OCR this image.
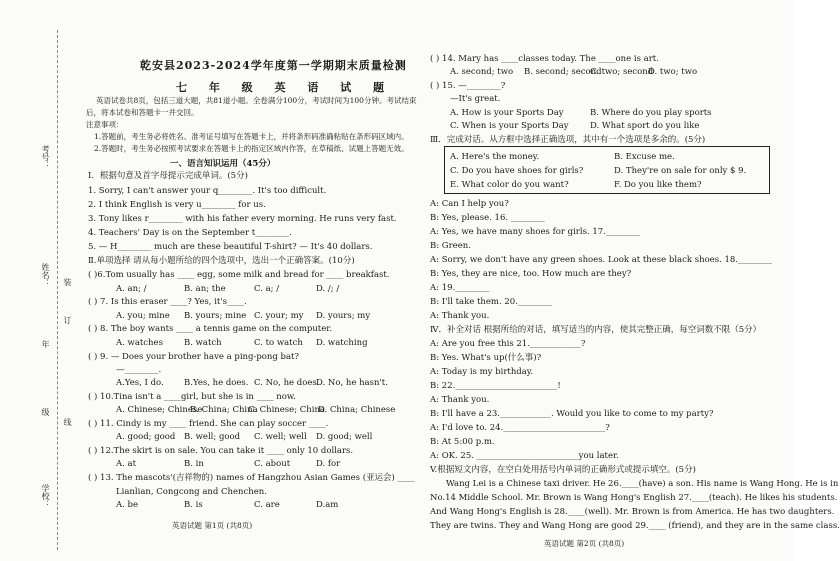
考号：
姓名： 装
订
线
年
级
学校：
乾安县2023-2024学年度第一学期期末质量检测
七 年 级 英 语 试 题
英语试卷共8页，包括三道大题，共81道小题。全卷满分100分，考试时间为100分钟。考试结束
后，将本试卷和答题卡一并交回。
注意事项：
1.答题前，考生务必将姓名、准考证号填写在答题卡上，并将条形码准确粘贴在条形码区域内。
2.答题时，考生务必按照考试要求在答题卡上的指定区域内作答，在草稿纸、试题上答题无效。
一、语言知识运用（45分）
Ⅰ．根据句意及首字母提示完成单词。(5分)
1. Sorry, I can't answer your q________. It's too difficult.
2. I think English is very u________ for us.
3. Tony likes r________ with his father every morning. He runs very fast.
4. Teachers' Day is on the September t________.
5. — H________ much are these beautiful T-shirt? — It's 40 dollars.
Ⅱ.单项选择 请从每小题所给的四个选项中，选出一个正确答案。(10分)
( )6.Tom usually has ____ egg, some milk and bread for ____ breakfast.
A. an; /	B. an; the	C. a; /	D. /; /
( ) 7. Is this eraser ____? Yes, it's____.
A. you; mine B. yours; mine C. your; my D. yours; my
( ) 8. The boy wants ____ a tennis game on the computer.
A. watches B. watch	C. to watch D. watching
( ) 9. — Does your brother have a ping-pong bat?
—________.
A.Yes, I do. B.Yes, he does. C. No, he does.
D. No, he hasn't.
( ) 10.Tina isn't a ____girl, but she is in ____ now.
A. Chinese; Chinese
B. China; China
C. Chinese; China
D. China; Chinese
( ) 11. Cindy is my ____ friend. She can play soccer ____.
A. good; good B. well; good C. well; well D. good; well
( ) 12.The skirt is on sale. You can take it ____ only 10 dollars.
A. at	B. in	C. about	D. for
( ) 13. The mascots'(吉祥物的) names of Hangzhou Asian Games (亚运会) ____
Lianlian, Congcong and Chenchen.
A. be	B. is	C. are	D.am
英语试题 第1页 (共8页)
( ) 14. Mary has ____classes today. The ____one is art.
A. second; two B. second; second
C. two; second
D. two; two
( ) 15. —________?
—It's great.
A. How is your Sports Day	B. Where do you play sports
C. When is your Sports Day	D. What sport do you like
Ⅲ．完成对话。从方框中选择正确选项，其中有一个选项是多余的。(5分)
A. Here's the money.	B. Excuse me.
C. Do you have shoes for girls?	D. They're on sale for only $ 9.
E. What color do you want?	F. Do you like them?
A: Can I help you?
B: Yes, please. 16. ________
A: Yes, we have many shoes for girls. 17.________
B: Green.
A: Sorry, we don't have any green shoes. Look at these black shoes. 18.________
B: Yes, they are nice, too. How much are they?
A: 19.________
B: I'll take them. 20.________
A: Thank you.
Ⅳ．补全对话 根据所给的对话，填写适当的内容，使其完整正确，每空词数不限（5分）
A: Are you free this 21.____________?
B: Yes. What's up(什么事)?
A: Today is my birthday.
B: 22.________________________!
A: Thank you.
B: I'll have a 23.____________. Would you like to come to my party?
A: I'd love to. 24.________________________?
B: At 5:00 p.m.
A: OK. 25. ________________________you later.
V.根据短文内容，在空白处用括号内单词的正确形式或提示填空。(5分)
Wang Lei is a Chinese taxi driver. He 26.____(have) a son. His name is Wang Hong. He is in
No.14 Middle School. Mr. Brown is Wang Hong's English 27.____(teach). He likes his students.
And Wang Hong's English is 28.____(well). Mr. Brown is from America. He has two daughters.
They are twins. They and Wang Hong are good 29.____ (friend), and they are in the same class.
英语试题 第2页 (共8页)
